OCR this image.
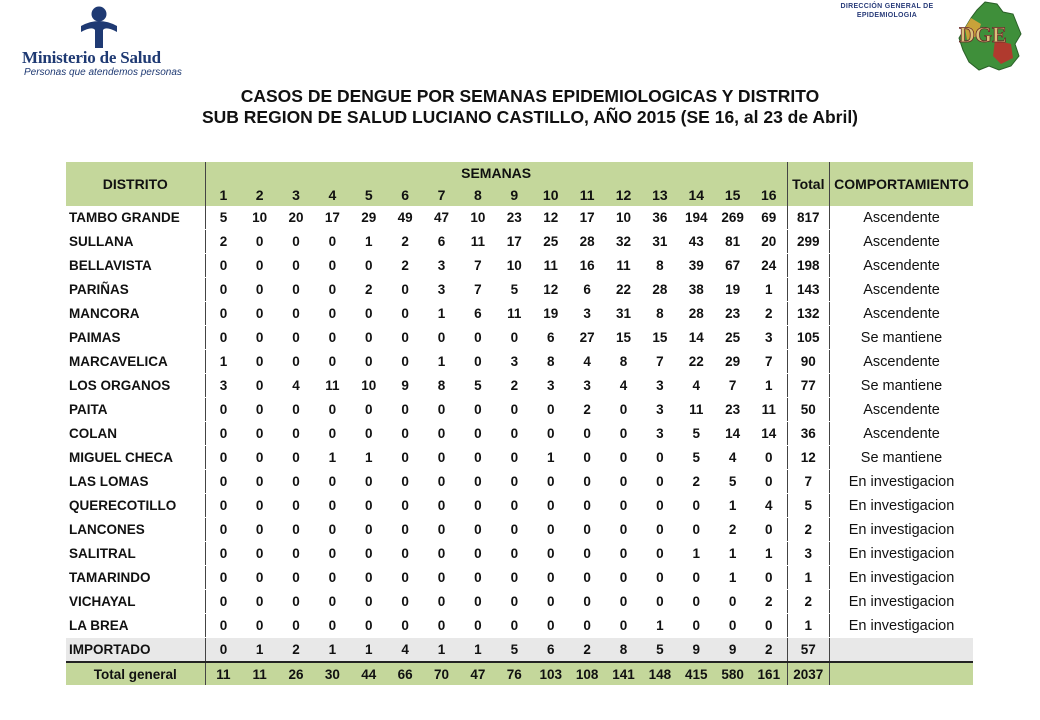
Ministerio de Salud
Personas que atendemos personas
DIRECCIÓN GENERAL DE
EPIDEMIOLOGIA
DGE
CASOS DE DENGUE POR SEMANAS EPIDEMIOLOGICAS Y DISTRITO
SUB REGION DE SALUD LUCIANO CASTILLO, AÑO 2015 (SE 16, al 23 de Abril)
DISTRITO	SEMANAS																Total	COMPORTAMIENTO
	1	2	3	4	5	6	7	8	9	10	11	12	13	14	15	16		
TAMBO GRANDE	5	10	20	17	29	49	47	10	23	12	17	10	36	194	269	69	817	Ascendente
SULLANA	2	0	0	0	1	2	6	11	17	25	28	32	31	43	81	20	299	Ascendente
BELLAVISTA	0	0	0	0	0	2	3	7	10	11	16	11	8	39	67	24	198	Ascendente
PARIÑAS	0	0	0	0	2	0	3	7	5	12	6	22	28	38	19	1	143	Ascendente
MANCORA	0	0	0	0	0	0	1	6	11	19	3	31	8	28	23	2	132	Ascendente
PAIMAS	0	0	0	0	0	0	0	0	0	6	27	15	15	14	25	3	105	Se mantiene
MARCAVELICA	1	0	0	0	0	0	1	0	3	8	4	8	7	22	29	7	90	Ascendente
LOS ORGANOS	3	0	4	11	10	9	8	5	2	3	3	4	3	4	7	1	77	Se mantiene
PAITA	0	0	0	0	0	0	0	0	0	0	2	0	3	11	23	11	50	Ascendente
COLAN	0	0	0	0	0	0	0	0	0	0	0	0	3	5	14	14	36	Ascendente
MIGUEL CHECA	0	0	0	1	1	0	0	0	0	1	0	0	0	5	4	0	12	Se mantiene
LAS LOMAS	0	0	0	0	0	0	0	0	0	0	0	0	0	2	5	0	7	En investigacion
QUERECOTILLO	0	0	0	0	0	0	0	0	0	0	0	0	0	0	1	4	5	En investigacion
LANCONES	0	0	0	0	0	0	0	0	0	0	0	0	0	0	2	0	2	En investigacion
SALITRAL	0	0	0	0	0	0	0	0	0	0	0	0	0	1	1	1	3	En investigacion
TAMARINDO	0	0	0	0	0	0	0	0	0	0	0	0	0	0	1	0	1	En investigacion
VICHAYAL	0	0	0	0	0	0	0	0	0	0	0	0	0	0	0	2	2	En investigacion
LA BREA	0	0	0	0	0	0	0	0	0	0	0	0	1	0	0	0	1	En investigacion
IMPORTADO	0	1	2	1	1	4	1	1	5	6	2	8	5	9	9	2	57	
Total general	11	11	26	30	44	66	70	47	76	103	108	141	148	415	580	161	2037	
